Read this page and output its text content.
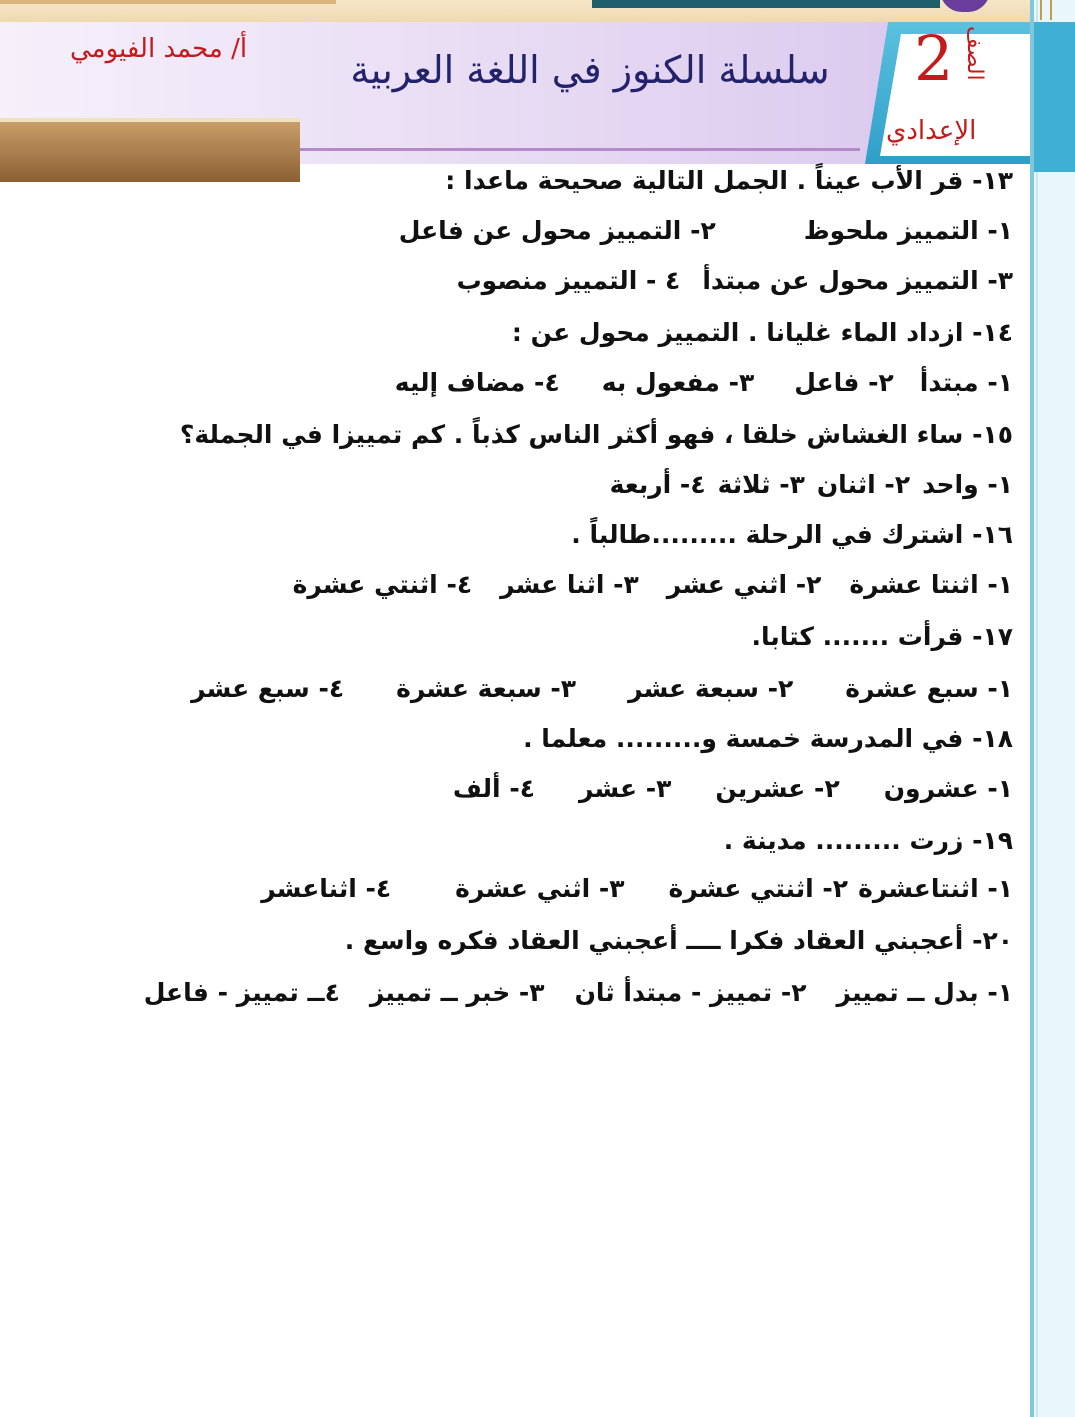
أ/ محمد الفيومي	سلسلة الكنوز في اللغة العربية 2 الصف
الإعدادي
١٣- قر الأب عيناً . الجمل التالية صحيحة ماعدا :
١- التمييز ملحوظ٢- التمييز محول عن فاعل
٣- التمييز محول عن مبتدأ٤ - التمييز منصوب
١٤- ازداد الماء غليانا . التمييز محول عن :
١- مبتدأ٢- فاعل٣- مفعول به٤- مضاف إليه
١٥- ساء الغشاش خلقا ، فهو أكثر الناس كذباً . كم تمييزا في الجملة؟
١- واحد٢- اثنان٣- ثلاثة٤- أربعة
١٦- اشترك في الرحلة .........طالباً .
١- اثنتا عشرة٢- اثني عشر٣- اثنا عشر٤- اثنتي عشرة
١٧- قرأت ....... كتابا.
١- سبع عشرة٢- سبعة عشر٣- سبعة عشرة٤- سبع عشر
١٨- في المدرسة خمسة و......... معلما .
١- عشرون٢- عشرين٣- عشر٤- ألف
١٩- زرت ......... مدينة .
١- اثنتاعشرة٢- اثنتي عشرة٣- اثني عشرة٤- اثناعشر
٢٠- أعجبني العقاد فكرا ــــ أعجبني العقاد فكره واسع .
١- بدل ــ تمييز٢- تمييز - مبتدأ ثان٣- خبر ــ تمييز٤ــ تمييز - فاعل
